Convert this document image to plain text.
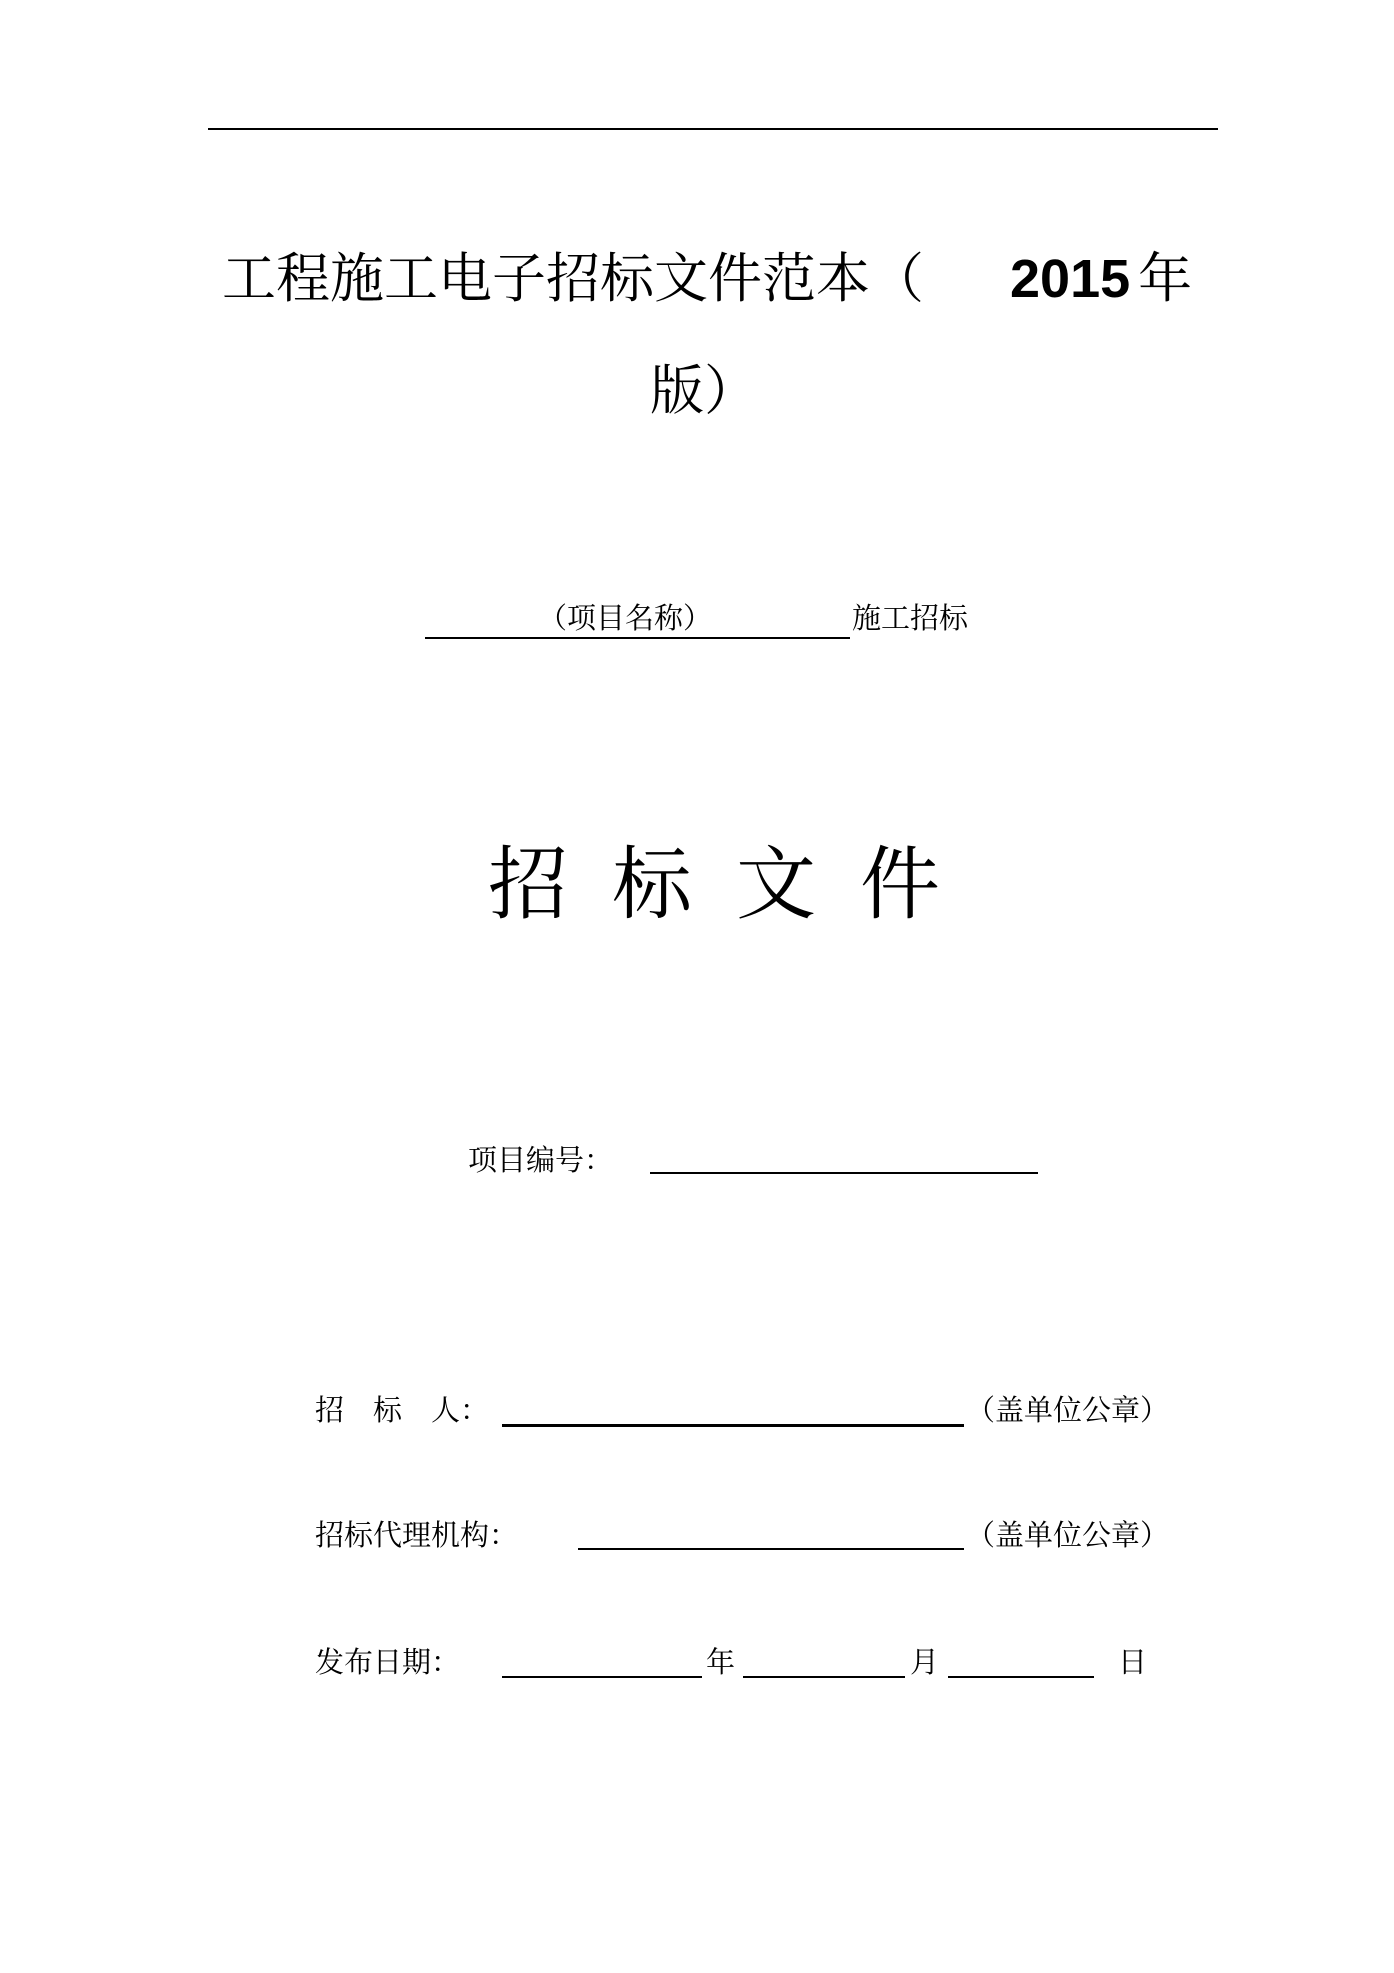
工程施工电子招标文件范本（ 2015 年
版）
（项目名称）	施工招标
招 标 文 件
项目编号：
招　标　人：	（盖单位公章）
招标代理机构：	（盖单位公章）
发布日期：	年	月	日
